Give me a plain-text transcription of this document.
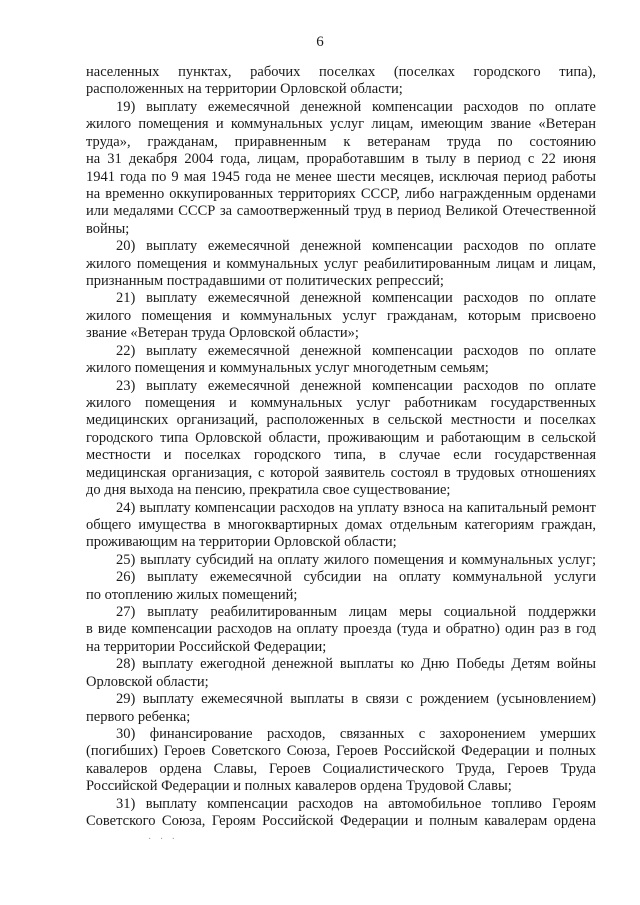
6
населенных пунктах, рабочих поселках (поселках городского типа),
расположенных на территории Орловской области;
19) выплату ежемесячной денежной компенсации расходов по оплате
жилого помещения и коммунальных услуг лицам, имеющим звание «Ветеран
труда», гражданам, приравненным к ветеранам труда по состоянию
на 31 декабря 2004 года, лицам, проработавшим в тылу в период с 22 июня
1941 года по 9 мая 1945 года не менее шести месяцев, исключая период работы
на временно оккупированных территориях СССР, либо награжденным орденами
или медалями СССР за самоотверженный труд в период Великой Отечественной
войны;
20) выплату ежемесячной денежной компенсации расходов по оплате
жилого помещения и коммунальных услуг реабилитированным лицам и лицам,
признанным пострадавшими от политических репрессий;
21) выплату ежемесячной денежной компенсации расходов по оплате
жилого помещения и коммунальных услуг гражданам, которым присвоено
звание «Ветеран труда Орловской области»;
22) выплату ежемесячной денежной компенсации расходов по оплате
жилого помещения и коммунальных услуг многодетным семьям;
23) выплату ежемесячной денежной компенсации расходов по оплате
жилого помещения и коммунальных услуг работникам государственных
медицинских организаций, расположенных в сельской местности и поселках
городского типа Орловской области, проживающим и работающим в сельской
местности и поселках городского типа, в случае если государственная
медицинская организация, с которой заявитель состоял в трудовых отношениях
до дня выхода на пенсию, прекратила свое существование;
24) выплату компенсации расходов на уплату взноса на капитальный ремонт
общего имущества в многоквартирных домах отдельным категориям граждан,
проживающим на территории Орловской области;
25) выплату субсидий на оплату жилого помещения и коммунальных услуг;
26) выплату ежемесячной субсидии на оплату коммунальной услуги
по отоплению жилых помещений;
27) выплату реабилитированным лицам меры социальной поддержки
в виде компенсации расходов на оплату проезда (туда и обратно) один раз в год
на территории Российской Федерации;
28) выплату ежегодной денежной выплаты ко Дню Победы Детям войны
Орловской области;
29) выплату ежемесячной выплаты в связи с рождением (усыновлением)
первого ребенка;
30) финансирование расходов, связанных с захоронением умерших
(погибших) Героев Советского Союза, Героев Российской Федерации и полных
кавалеров ордена Славы, Героев Социалистического Труда, Героев Труда
Российской Федерации и полных кавалеров ордена Трудовой Славы;
31) выплату компенсации расходов на автомобильное топливо Героям
Советского Союза, Героям Российской Федерации и полным кавалерам ордена
· · ·
